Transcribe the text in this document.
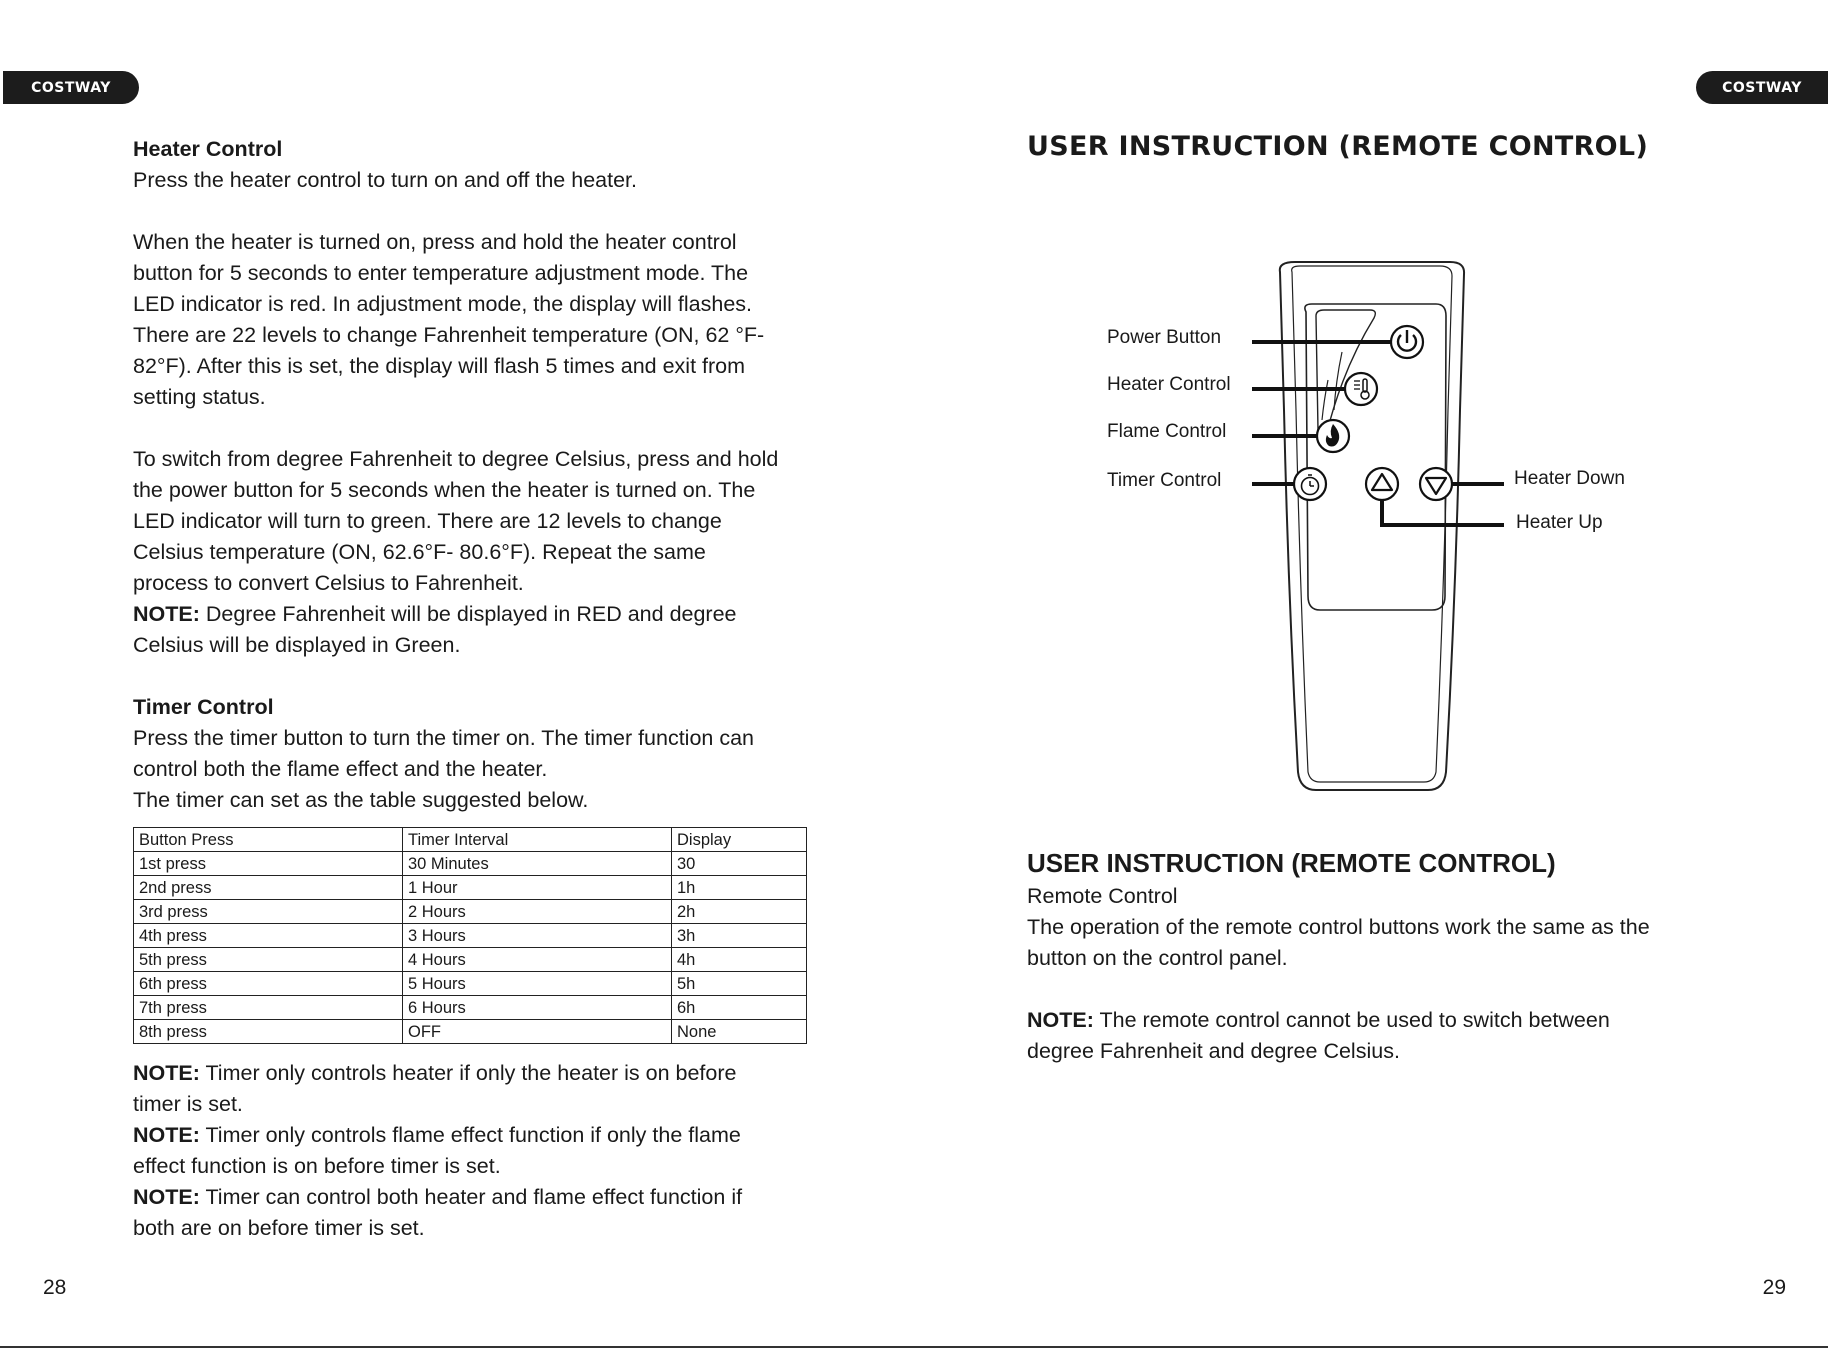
COSTWAY	COSTWAY

Heater Control

Press the heater control to turn on and off the heater.

When the heater is turned on, press and hold the heater control

button for 5 seconds to enter temperature adjustment mode. The

LED indicator is red. In adjustment mode, the display will flashes.

There are 22 levels to change Fahrenheit temperature (ON, 62 °F-

82°F). After this is set, the display will flash 5 times and exit from

setting status.

To switch from degree Fahrenheit to degree Celsius, press and hold

the power button for 5 seconds when the heater is turned on. The

LED indicator will turn to green. There are 12 levels to change

Celsius temperature (ON, 62.6°F- 80.6°F). Repeat the same

process to convert Celsius to Fahrenheit.

NOTE: Degree Fahrenheit will be displayed in RED and degree

Celsius will be displayed in Green.

Timer Control

Press the timer button to turn the timer on. The timer function can

control both the flame effect and the heater.

The timer can set as the table suggested below.

Button Press	Timer Interval	Display
1st press	30 Minutes	30
2nd press	1 Hour	1h
3rd press	2 Hours	2h
4th press	3 Hours	3h
5th press	4 Hours	4h
6th press	5 Hours	5h
7th press	6 Hours	6h
8th press	OFF	None

NOTE: Timer only controls heater if only the heater is on before

timer is set.

NOTE: Timer only controls flame effect function if only the flame

effect function is on before timer is set.

NOTE: Timer can control both heater and flame effect function if

both are on before timer is set.

28
USER INSTRUCTION (REMOTE CONTROL)
Power Button
Heater Control
Flame Control
Timer Control	Heater Down
Heater Up
USER INSTRUCTION (REMOTE CONTROL)

Remote Control

The operation of the remote control buttons work the same as the

button on the control panel.

NOTE: The remote control cannot be used to switch between

degree Fahrenheit and degree Celsius.

29
